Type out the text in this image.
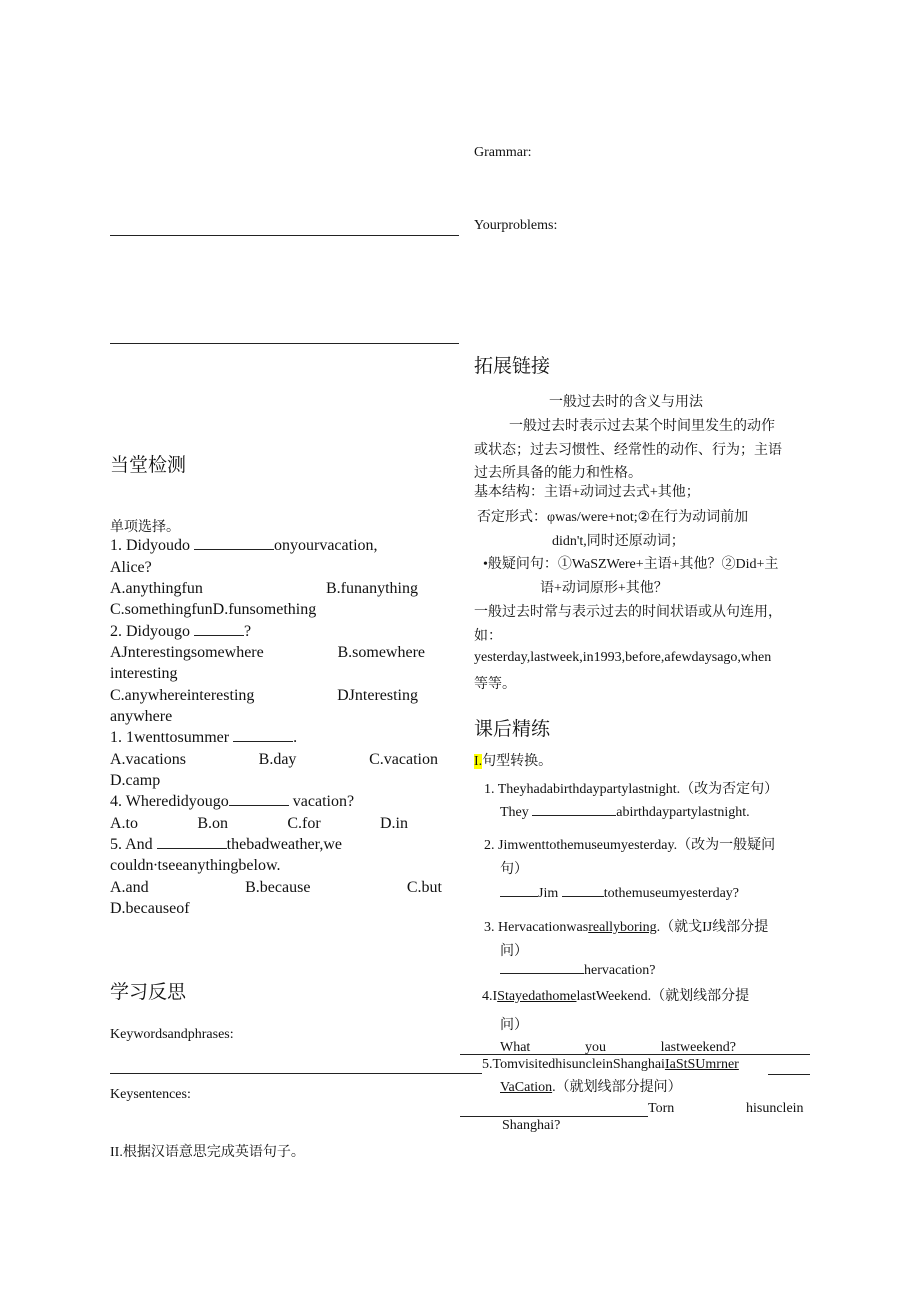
当堂检测
单项选择。
1. Didyoudo	onyourvacation,
Alice?
A.anythingfun	B.funanything
C.somethingfunD.funsomething
2. Didyougo	?
AJnterestingsomewhere	B.somewhere
interesting
C.anywhereinteresting	DJnteresting
anywhere
1. 1wenttosummer	.
A.vacations	B.day	C.vacation
D.camp
4. Wheredidyougo	vacation?
A.to	B.on	C.for	D.in
5. And	thebadweather,we
couldn∙tseeanythingbelow.
A.and	B.because	C.but
D.becauseof
学习反思
Keywordsandphrases:
Keysentences:
II.根据汉语意思完成英语句子。
Grammar:
Yourproblems:
拓展链接
一般过去时的含义与用法
一般过去时表示过去某个时间里发生的动作
或状态；过去习惯性、经常性的动作、行为；主语
过去所具备的能力和性格。
基本结构：主语+动词过去式+其他；
否定形式：φwas/were+not;②在行为动词前加
didn't,同时还原动词；
•般疑问句：①WaSZWere+主语+其他？②Did+主
语+动词原形+其他？
一般过去时常与表示过去的时间状语或从句连用，
如：
yesterday,lastweek,in1993,before,afewdaysago,when
等等。
课后精练
I.句型转换。
1. Theyhadabirthdaypartylastnight.（改为否定句）
They	abirthdaypartylastnight.
2. Jimwenttothemuseumyesterday.（改为一般疑问
句）
Jim	tothemuseumyesterday?
3. Hervacationwasreallyboring.（就戈IJ线部分提
问）
hervacation?
4.IStayedathomelastWeekend.（就划线部分提
问）
What	you	lastweekend?
5.TomvisitedhisuncleinShanghaiIaStSUmrner
VaCation.（就划线部分提问）
Torn	hisunclein
Shanghai?
